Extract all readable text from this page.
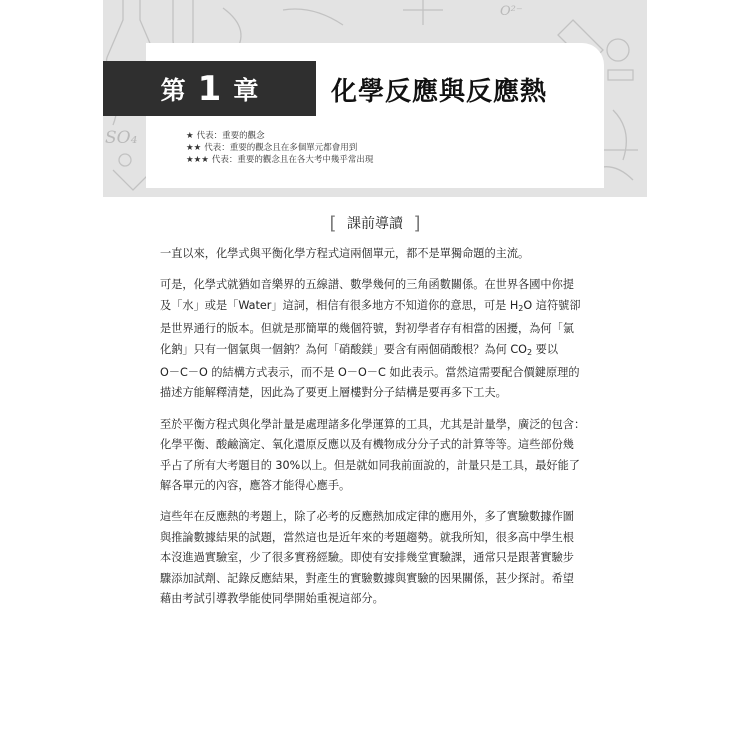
O²⁻
SO₄
第 1 章	化學反應與反應熱
★ 代表：重要的觀念
★★ 代表：重要的觀念且在多個單元都會用到
★★★ 代表：重要的觀念且在各大考中幾乎常出現
[ 課前導讀 ]

一直以來，化學式與平衡化學方程式這兩個單元，都不是單獨命題的主流。

可是，化學式就猶如音樂界的五線譜、數學幾何的三角函數關係。在世界各國中你提
及「水」或是「Water」這詞，相信有很多地方不知道你的意思，可是 $H_2O$ 這符號卻
是世界通行的版本。但就是那簡單的幾個符號，對初學者存有相當的困擾，為何「氯
化鈉」只有一個氯與一個鈉？為何「硝酸鎂」要含有兩個硝酸根？為何 $CO_2$ 要以
O－C－O 的結構方式表示，而不是 O－O－C 如此表示。當然這需要配合價鍵原理的
描述方能解釋清楚，因此為了要更上層樓對分子結構是要再多下工夫。

至於平衡方程式與化學計量是處理諸多化學運算的工具，尤其是計量學，廣泛的包含：
化學平衡、酸鹼滴定、氧化還原反應以及有機物成分分子式的計算等等。這些部份幾
乎占了所有大考題目的 30%以上。但是就如同我前面說的，計量只是工具，最好能了
解各單元的內容，應答才能得心應手。

這些年在反應熱的考題上，除了必考的反應熱加成定律的應用外，多了實驗數據作圖
與推論數據結果的試題，當然這也是近年來的考題趨勢。就我所知，很多高中學生根
本沒進過實驗室，少了很多實務經驗。即使有安排幾堂實驗課，通常只是跟著實驗步
驟添加試劑、記錄反應結果，對產生的實驗數據與實驗的因果關係，甚少探討。希望
藉由考試引導教學能使同學開始重視這部分。
